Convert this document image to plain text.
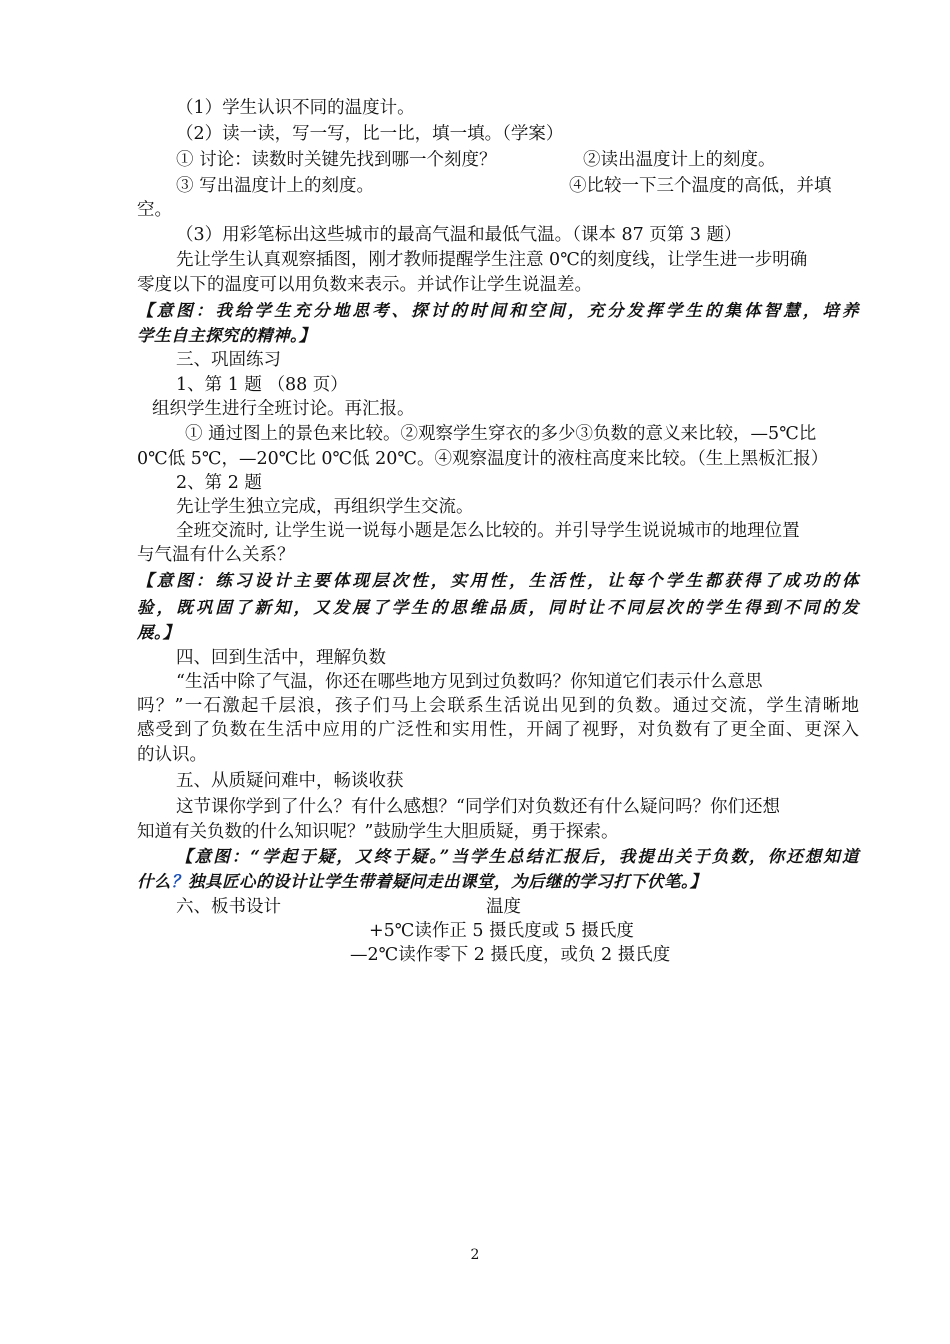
（1）学生认识不同的温度计。
（2）读一读，写一写，比一比，填一填。（学案）
① 讨论：读数时关键先找到哪一个刻度？	②读出温度计上的刻度。
③ 写出温度计上的刻度。	④比较一下三个温度的高低，并填
空。
（3）用彩笔标出这些城市的最高气温和最低气温。（课本 87 页第 3 题）
先让学生认真观察插图，刚才教师提醒学生注意 0℃的刻度线，让学生进一步明确
零度以下的温度可以用负数来表示。并试作让学生说温差。
【意图：我给学生充分地思考、探讨的时间和空间，充分发挥学生的集体智慧，培养
学生自主探究的精神。】
三、巩固练习
1、第 1 题 （88 页）
组织学生进行全班讨论。再汇报。
① 通过图上的景色来比较。②观察学生穿衣的多少③负数的意义来比较，—5℃比
0℃低 5℃，—20℃比 0℃低 20℃。④观察温度计的液柱高度来比较。（生上黑板汇报）
2、第 2 题
先让学生独立完成，再组织学生交流。
全班交流时, 让学生说一说每小题是怎么比较的。并引导学生说说城市的地理位置
与气温有什么关系？
【意图：练习设计主要体现层次性，实用性，生活性，让每个学生都获得了成功的体
验，既巩固了新知，又发展了学生的思维品质，同时让不同层次的学生得到不同的发
展。】
四、回到生活中，理解负数
“生活中除了气温，你还在哪些地方见到过负数吗？你知道它们表示什么意思
吗？”一石激起千层浪，孩子们马上会联系生活说出见到的负数。通过交流，学生清晰地
感受到了负数在生活中应用的广泛性和实用性，开阔了视野，对负数有了更全面、更深入
的认识。
五、从质疑问难中，畅谈收获
这节课你学到了什么？有什么感想？“同学们对负数还有什么疑问吗？你们还想
知道有关负数的什么知识呢？”鼓励学生大胆质疑，勇于探索。
【意图：“学起于疑，又终于疑。”当学生总结汇报后，我提出关于负数，你还想知道
什么？独具匠心的设计让学生带着疑问走出课堂，为后继的学习打下伏笔。】
六、板书设计	温度
+5℃读作正 5 摄氏度或 5 摄氏度
—2℃读作零下 2 摄氏度，或负 2 摄氏度
2
